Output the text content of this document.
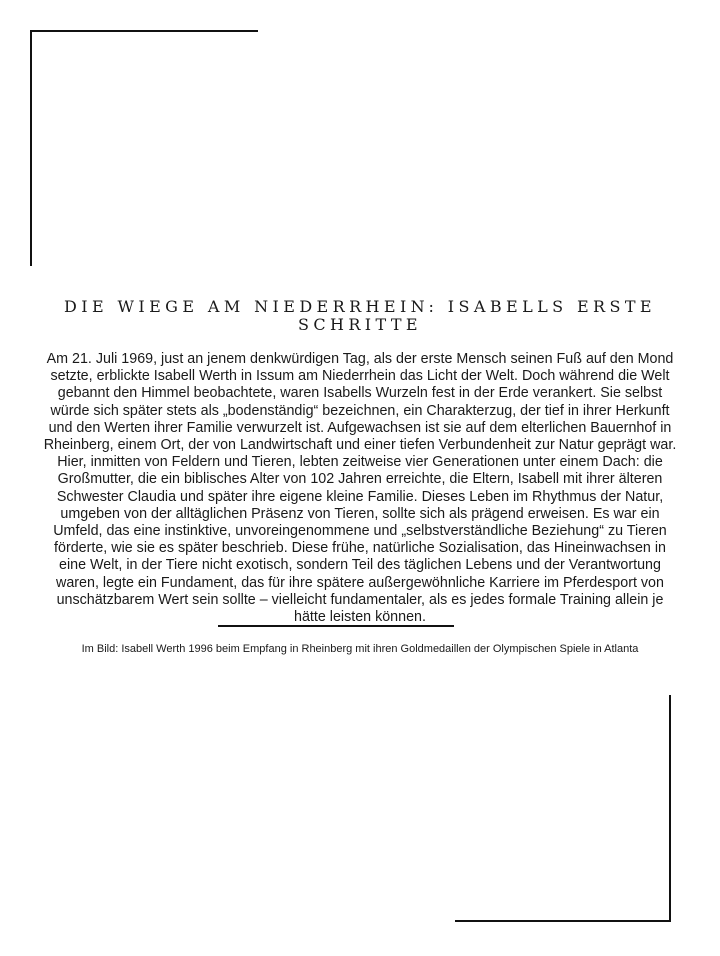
DIE WIEGE AM NIEDERRHEIN: ISABELLS ERSTE SCHRITTE

Am 21. Juli 1969, just an jenem denkwürdigen Tag, als der erste Mensch seinen Fuß auf den Mond setzte, erblickte Isabell Werth in Issum am Niederrhein das Licht der Welt. Doch während die Welt gebannt den Himmel beobachtete, waren Isabells Wurzeln fest in der Erde verankert. Sie selbst würde sich später stets als „bodenständig“ bezeichnen, ein Charakterzug, der tief in ihrer Herkunft und den Werten ihrer Familie verwurzelt ist. Aufgewachsen ist sie auf dem elterlichen Bauernhof in Rheinberg, einem Ort, der von Landwirtschaft und einer tiefen Verbundenheit zur Natur geprägt war. Hier, inmitten von Feldern und Tieren, lebten zeitweise vier Generationen unter einem Dach: die Großmutter, die ein biblisches Alter von 102 Jahren erreichte, die Eltern, Isabell mit ihrer älteren Schwester Claudia und später ihre eigene kleine Familie. Dieses Leben im Rhythmus der Natur, umgeben von der alltäglichen Präsenz von Tieren, sollte sich als prägend erweisen. Es war ein Umfeld, das eine instinktive, unvoreingenommene und „selbstverständliche Beziehung“ zu Tieren förderte, wie sie es später beschrieb. Diese frühe, natürliche Sozialisation, das Hineinwachsen in eine Welt, in der Tiere nicht exotisch, sondern Teil des täglichen Lebens und der Verantwortung waren, legte ein Fundament, das für ihre spätere außergewöhnliche Karriere im Pferdesport von unschätzbarem Wert sein sollte – vielleicht fundamentaler, als es jedes formale Training allein je hätte leisten können.

Im Bild: Isabell Werth 1996 beim Empfang in Rheinberg mit ihren Goldmedaillen der Olympischen Spiele in Atlanta
